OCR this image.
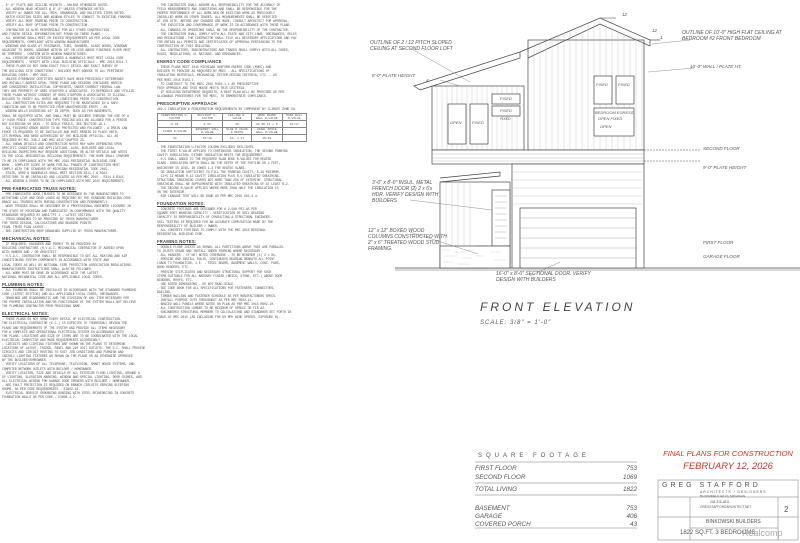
- 8'-0" PLATE AND CEILING HEIGHTS - UNLESS OTHERWISE NOTED.
- ALL WINDOW HEAD HEIGHTS @ 6'-8" UNLESS OTHERWISE NOTED.
- VERIFY W/ OWNER FOR ALL TRIM, ORNAMENTAL AND UNLISTED ITEMS NOTED.
- MATCH EXISTING SIZES AND WINDOW STYLES TO CONNECT TO EXISTING FRAMING
- VERIFY ALL ROOF FRAMING PRIOR TO CONSTRUCTION.
- VERIFY ALL ROOF OPTIONS PRIOR TO CONSTRUCTION.
- CONTRACTOR IS ALSO RESPONSIBLE FOR ALL OTHER CONSTRUCTION
AND FINISH DETAIL INFORMATION NOT FOUND ON THESE PLANS.
- ALL WINDOWS SHALL MEET OR EXCEED REQUIREMENTS AS PER LOCAL CODE
REQUIREMENTS, COMPLIANT WITH WINDOW MANUFACTURER.
- WINDOWS AND GLASS AT STAIRWAYS, TUBS, SHOWERS, GLASS DOORS, WINDOWS
ADJACENT TO DOORS, WINDOWS WITHIN 18" OR LESS ABOVE FINISHED FLOOR MUST
BE TEMPERED - CONFIRM WITH WINDOW MANUFACTURER.
- ALL INTERIOR AND EXTERIOR GUARDS & HANDRAILS MUST MEET LOCAL CODE
REQUIREMENTS - VERIFY WITH LOCAL BUILDING OFFICIALS - MRC 2015 R311.7
- THESE PLANS DO NOT SHOW EXACT FULLY DETAIL AND EXACT SURVEY OF
THE BUILDING SITE CONDITIONS - BUILDER MUST ADHERE TO ALL PERTINENT
BUILDING CODES - MRC 2015.
- UNLESS OTHERWISE CERTIFIED AGENTS HAVE BEEN PREVIOUSLY DETERMINED
AND MUTUALLY AGREED UPON, THESE PLANS AND DESIGNS CONTAINED HEREIN
ARE CONSIDERED INTELLECTUAL COPYRIGHTS, UNDER CURRENT FEDERAL LAW.
THEY ARE PROPERTY OF GREG STAFFORD & ASSOCIATES. TO REPRODUCE AND UTILIZE
THESE PLANS WITHOUT CONSENT OF GREG STAFFORD & ASSOCIATES IS ILLEGAL.
BUILDER TO VERIFY ALL NOTES AND CONDITIONS PRIOR TO CONSTRUCTION.
- ALL CONSTRUCTION SITES ARE REQUIRED TO BE MAINTAINED IN A SAFE
CONDITION AND TO BE PROTECTED FROM UNAUTHORIZED ENTRY - AS
- WINDOW WELLS EXCEEDING 44" IN DEPTH, SUCH AS FOR BASEMENTS,
SHALL BE EQUIPPED WITH, AND SHALL MUST BE SECURED THROUGH THE USE OF A
4" HIGH FENCE. CONSTRUCTION TYPE FENCING WILL BE ALLOWED FOR A PERIOD
NOT EXCEEDING 90 DAYS - TO BUILD TRAILS, SEE SECTION 18.1.
- ALL FINISHED GRADE WATER TO BE PROTECTED AND FOLLOWED - A DRAIN LAW
FENCE IS REQUIRED TO BE INSTALLED AND MUST REMAIN IN PLACE UNTIL
ITS REMOVAL HAS BEEN AUTHORIZED BY THE BUILDING OFFICIAL. ALL AS
REQUIRED BY MCL 338.2 AND MRC 2015 CHAPTER 33.
- ALL SHOWN DETAILS AND CONSTRUCTION NOTES MAY VARY DEPENDING UPON
SPECIFIC CONDITIONS AND APPLICATIONS. ALSO, BUILDERS AND LOCAL
BUILDING INSPECTORS MAY REQUIRE ADDITIONAL OR ALTER DETAILS AND NOTES
IN THE LOCAL RESIDENTIAL BUILDING REQUIREMENTS. THE HOME SHALL CONFORM
TO BE IN COMPLIANCE WITH THE MRC 2015 RESIDENTIAL BUILDING CODE
BOOK - COMPLETE SCOPE OF WORK FOR ALL PHASES OF CONSTRUCTION MUST
COMPLY WITH THE STANDARD OF MICHIGAN RESIDENTIAL CODE 2015.
- STAIR, WORD & HANDRAILS SHALL MEET SECTION R311.7 & R312.
DETECTORS TO BE INSTALLED AND LOCATED AS PER MRC 2015 - R314 & R315.
- ALL WINDOW & DOORS TO BE IN COMPLIANCE WITH MRC 2015 REQUIREMENTS.
PRE-FABRICATED TRUSS NOTES:
- PRE-FABRICATED WOOD TRUSSES TO BE DESIGNED BY THE MANUFACTURER TO
WITHSTAND LIVE AND DEAD LOADS AS REQUIRED BY THE STANDARD BUILDING CODE.
BRACE ALL TRUSSES BOTH DURING CONSTRUCTION AND PERMANENTLY.
- WOOD TRUSSES SHALL BE DESIGNED BY A PROFESSIONAL ENGINEER LICENSED IN
THE STATE OF MICHIGAN AND FABRICATED IN CONFORMANCE WITH THE QUALITY
STANDARDS REQUIRED BY ANSI/TPI 1 - LATEST EDITION.
- TRUSS DRAWINGS TO BE PROVIDED BY TRUSS MANUFACTURER
FOR TRUSS DESIGN, CALCULATIONS AND BEARING POINTS.
FINAL TRUSS PLAN LAYOUT.
- SEE CONSTRUCTION SHOP DRAWINGS SUPPLIED BY TRUSS MANUFACTURER.
MECHANICAL NOTES:
- IF REQUIRED, ENGINEER AND PERMIT TO BE PROVIDED BY
BUILDING CONTRACTORS (H.V.A.C. MECHANICAL CONTRACTOR IF AGREED UPON
WITH OWNERS AND / OR ARCHITECT.
- H.V.A.C. CONTRACTOR SHALL BE RESPONSIBLE TO GET ALL HEATING AND AIR
CONDITIONING SYSTEM COMPONENTS IN ACCORDANCE WITH STATE AND
LOCAL CODES AS WELL AS NATIONAL FIRE PROTECTION ASSOCIATION REGULATIONS.
MANUFACTURERS INSTRUCTIONS SHALL ALSO BE FOLLOWED.
- ALL WORK MUST BE DONE IN ACCORDANCE WITH THE LATEST
NATIONAL MECHANICAL CODE AND ALL APPLICABLE LOCAL CODES.
PLUMBING NOTES:
- ALL PLUMBING SHALL BE INSTALLED IN ACCORDANCE WITH THE STANDARD PLUMBING
CODE (LATEST EDITION) AND ALL APPLICABLE LOCAL CODES, ORDINANCES.
- DRAWINGS ARE DIAGRAMMATIC AND THE DIVISION OF ANY ITEM NECESSARY FOR
THE PROPER INSTALLATION AND/OR FUNCTIONING OF THE SYSTEM SHALL NOT RELIEVE
THE PLUMBING CONTRACTOR FROM PROVIDING SAME.
ELECTRICAL NOTES:
- THESE PLANS DO NOT SHOW EVERY DETAIL OF ELECTRICAL CONSTRUCTION.
THE ELECTRICAL CONTRACTOR (E.C.) IS EXPECTED TO THOROUGHLY REVIEW THE
PLANS AND REQUIREMENTS OF THE SYSTEM AND PROVIDE ALL ITEMS NECESSARY
FOR A COMPLETE AND OPERATIONAL ELECTRICAL SYSTEM IN ACCORDANCE WITH
THE PLANS. LOCATIONS AND SIZE OF ITEMS ARE TO BE COORDINATED WITH THE LOCAL
ELECTRICAL INSPECTOR AND MADE REQUIREMENTS ACCORDINGLY.
- CIRCUITS AND LIGHTING FIXTURES ARE SHOWN ON THE PLANS TO DETERMINE
LOCATIONS OF LAYOUT, FRIDGE, PANEL AND 220 VOLT OUTLETS. THE E.C. SHALL PROVIDE
CIRCUITS AND CIRCUIT ROUTING TO SUIT JOB CONDITIONS AND FURNISH AND
INSTALL LIGHTING FIXTURES AS SHOWN ON THE PLANS OR AS OTHERWISE APPROVED
BY THE BUILDER/HOMEOWNER.
- VERIFY LOCATIONS OF ALL TELEPHONE, TELEVISION, SMART HOUSE SYSTEMS, AND
COMPUTER NETWORK OUTLETS WITH BUILDER / HOMEOWNER.
- VERIFY LOCATION, SIZE AND DETAILS OF ALL EXTERIOR FLOOD LIGHTING, GROUND &
UF LIGHTING, ELEVATION MARKING, WINDOW AND SPECIAL LIGHTING, DOOR CHIMES, AND
ALL ELECTRICAL WIRING FOR GARAGE DOOR OPENERS WITH BUILDER / HOMEOWNER.
- ARC FAULT PROTECTION IS REQUIRED ON BRANCH CIRCUITS SERVING SLEEPING
ROOMS. AS PER CODE REQUIREMENTS - E3902.16.
- ELECTRICAL SERVICE GROUNDING BONDING WITH STEEL REINFORCING IN CONCRETE
FOUNDATION WALLS AS PER CODE - E3608.1.2.
- THE CONTRACTOR SHALL ASSUME ALL RESPONSIBILITY FOR THE ACCURACY OF
FIELD MEASUREMENTS AND CONDITIONS AND SHALL BE RESPONSIBLE FOR THE
PROPER PERFORMANCE OF ALL WORK NEW OR EXISTING WORK AS PREVIOUSLY
INSTALLED WORK OR OTHER TRADES. ALL MEASUREMENTS SHALL BE VERIFIED
AT JOB SITE. BEFORE ANY CHANGES ARE MADE, CONSULT ARCHITECT FOR APPROVAL.
- THE EXECUTION AND CONFORMANCE OF WORK IS IN ACCORDANCE WITH THESE PLANS.
- ALL CHANGES OR OMISSIONS SHALL BE THE RESPONSIBILITY OF THE CONTRACTOR.
- THE CONTRACTOR SHALL COMPLY WITH ALL STATE AND CITY LAWS, ORDINANCES, RULES
AND REGULATIONS. THE CONTRACTOR SHALL FILE ALL NECESSARY APPLICATIONS AND PAY
FOR OBTAIN ALL PERMITS AND CERTIFICATES OF APPROVAL PERTAINING TO THE
CONSTRUCTION OF THIS BUILDING.
- ALL CONTRACTORS, SUBCONTRACTORS AND TRADES SHALL COMPLY WITH ALL CODES,
RULES, REGULATIONS, UL RATINGS, AND ORDINANCES.
ENERGY CODE COMPLIANCE
- THESE PLANS MEET 2015 MICHIGAN UNIFORM ENERGY CODE (MUEC) AND
BUILDER TO PROVIDE AS REQUIRED BY MEEC - ALL SPECIFICATIONS OF
INSULATING MATERIALS, MECHANICAL SYSTEM DESIGN CRITERIA, ETC. - AS
PER MUEC 2015 R103.2.
- TO CONSTRUCT TO THE MEEC 2015 R402.1.1 AS PRESCRIPTIVE
PATH APPROACH AND THIS HOUSE MEETS THIS CRITERIA.
- IF BUILDING DEPARTMENT REQUESTS, A HEAT PLAN WILL BE PROVIDED AS PER
ALLOWABLE PROCEDURES FOR THE MUEC, TO DEMONSTRATE COMPLIANCE.
PRESCRIPTIVE APPROACH
402.1 INSULATION & FENESTRATION REQUIREMENTS BY COMPONENT BY CLIMATE ZONE 5A
FENESTRATION U-FACTOR	SKYLIGHT U-FACTOR	CEILING R-VALUE	WOOD FRAME WALL R-VALUE	MASS WALL R-VALUE
0.32	0.55	49	20 OR 13 + 5	13/17
FLOOR R-VALUE	BASEMENT WALL R-VALUE	SLAB R-VALUE & DEPTH	CRAWL SPACE WALL R-VALUE	
30	15/19	10, 2 FT	15/19	
- THE FENESTRATION U-FACTOR COLUMN EXCLUDES SKYLIGHTS.
- THE FIRST R-VALUE APPLIES TO CONTINUOUS INSULATION, THE SECOND FRAMING
CAVITY INSULATION; EITHER INSULATION MEETS THE REQUIREMENT.
- R-5 SHALL ADDED TO THE REQUIRED SLAB EDGE R-VALUES FOR HEATED
SLABS. INSULATION DEPTH SHALL BE THE DEPTH OF THE FOOTING OR 2 FEET,
WHICHEVER IS LESS, IN ZONES 1-3 FOR HEATED SLABS.
- OR INSULATION SUFFICIENT TO FILL THE FRAMING CAVITY, R-19 MINIMUM.
- 13+5 CI MEANS R-13 CAVITY INSULATION PLUS R-5 INSULATED SHEATHING.
STRUCTURAL SHEATHING COVERS NOT MORE THAN 25% OF EXTERIOR. STRUCTURAL
SHEATHING SHALL BE SUPPLEMENTED WITH INSULATED SHEATHING OF AT LEAST R-2.
- THE SECOND R-VALUE APPLIES WHERE MORE THAN HALF THE INSULATION IS
ON THE INTERIOR.
- AIR LEAKAGE TEST WILL BE DONE AS PER MRC 2015 502.4.4.
FOUNDATION NOTES:
- CONCRETE FOOTINGS ARE DESIGNED FOR A 2,500 PSI AS PER
SQUARE FOOT BEARING CAPACITY - VERIFICATION OF SOIL BEARING
CAPACITY IS RESPONSIBILITY OF CONSULTING A STRUCTURAL ENGINEER.
SOIL TESTING IS REQUIRED FOR AN ACCURATE COMPUTATION MADE BY THE
RESPONSIBILITY OF BUILDER / OWNER.
- ALL CONCRETE FOOTINGS TO COMPLY WITH THE MRC 2015 REGIONAL
RESIDENTIAL BUILDING CODE.
FRAMING NOTES:
- DOUBLE FLOOR JOISTS AS SHOWN, ALL PARTITIONS ABOVE THAT ARE PARALLEL
TO JOISTS SPANS AND INSTALL UNDER FRAMING WHERE NECESSARY.
- ALL HEADERS - IF NOT NOTED OTHERWISE - TO BE MINIMUM (2) 2 x 8s.
- PROVIDE AND INSTALL SOLID, CONTINUOUS BEARING BENEATH ALL POINT
LOADS TO FOUNDATION, I.E. - STEEL BEAMS, BASEMENT WALLS, CONC. PADS,
WOOD HEADERS, ETC.
- PROVIDE STIFLICATES AND NECESSARY STRUCTURAL SUPPORT FOR SUCH
ITEMS SUITABLE FOR ALL MASONRY FINISH (BRICK, STONE, ETC.) ABOVE DOOR
WINDOWS, ROOFS, ETC.
- USE NOTED DIMENSIONS - DO NOT READ SCALE.
- SEE CODE BOOK FOR ALL SPECIFICATIONS FOR FASTENERS, CONNECTORS,
NAILING.
- TIMBER NAILING AND FASTENER SCHEDULE AS PER MANUFACTURERS SPECS.
- INSTALL PURPOSE CUTS THROUGHOUT AS PER MRC R602.11.
- BRACED WALL PANELS WHERE NOTED ON PLAN AS PER MRC 2015 R602.10.
- ALL CONSTRUCTION LUMBER TO BE MINIMUM OF SPRUCE OR FIR #2.
- ENGINEERED STRUCTURAL MEMBERS TO CALCULATIONS AND STANDARDS SET FORTH IN
TABLE AT MRC 2015 (AS INCLUDING FOR 90 MPH WIND SPEEDS. EXPOSURE B).
OUTLINE OF 2 / 12 PITCH SLOPED CEILING AT SECOND FLOOR LOFT
OUTLINE OF 10'-0" HIGH FLAT CEILING AT BEDROOM #2 FRONT BEDROOM
10'-0" WALL / PLATE HT.
8'-0" PLATE HEIGHT
SECOND FLOOR
9'-0" PLATE HEIGHT
FIRST FLOOR
GARAGE FLOOR
3'-0" x 8'-0" INSUL. METAL FRENCH DOOR (2) 2 x 6's HDR. VERIFY DESIGN WITH BUILDERS
12" x 12" BOXED WOOD COLUMNS CONSTRUCTED WITH 2" x 6" TREATED WOOD STUD FRAMING.
16'-0" x 8'-0" SECTIONAL DOOR. VERIFY DESIGN WITH BUILDERS
12
12
1
4
OPEN	FIXED
FIXED
FIXED
FIXED	FIXED
BEDROOM EGRESS
OPEN FIXED
FIXED
OPEN
FRONT ELEVATION
SCALE: 3/8" = 1'-0"
SQUARE FOOTAGE
FIRST FLOOR	753
SECOND FLOOR	1069
TOTAL LIVING	1822
BASEMENT	753
GARAGE	406
COVERED PORCH	43
FINAL PLANS FOR CONSTRUCTION
FEBRUARY 12, 2026
GREG STAFFORD
ARCHITECTS / DESIGNERS
BLOOMFIELD HILLS, MICHIGAN
248-318-4811
GREGSTAFFORDARCHITECT.NET
BINKOWSKI BUILDERS
1822 SQ.FT. 3 BEDROOMS
2
Realcomp
